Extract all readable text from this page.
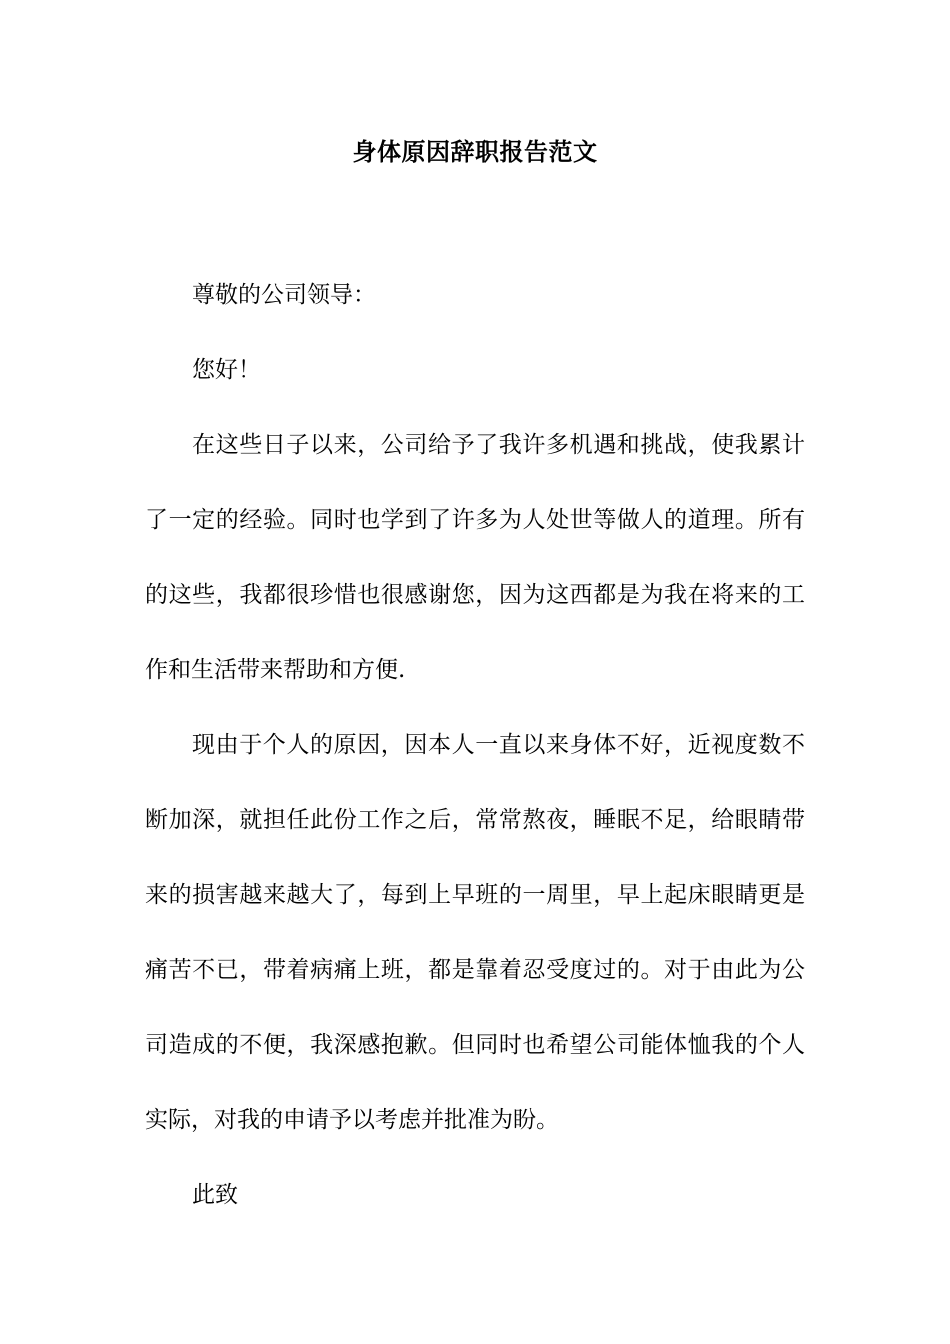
身体原因辞职报告范文

尊敬的公司领导：

您好！

在这些日子以来，公司给予了我许多机遇和挑战，使我累计了一定的经验。同时也学到了许多为人处世等做人的道理。所有的这些，我都很珍惜也很感谢您，因为这西都是为我在将来的工作和生活带来帮助和方便.

现由于个人的原因，因本人一直以来身体不好，近视度数不断加深，就担任此份工作之后，常常熬夜，睡眠不足，给眼睛带来的损害越来越大了，每到上早班的一周里，早上起床眼睛更是痛苦不已，带着病痛上班，都是靠着忍受度过的。对于由此为公司造成的不便，我深感抱歉。但同时也希望公司能体恤我的个人实际，对我的申请予以考虑并批准为盼。

此致
